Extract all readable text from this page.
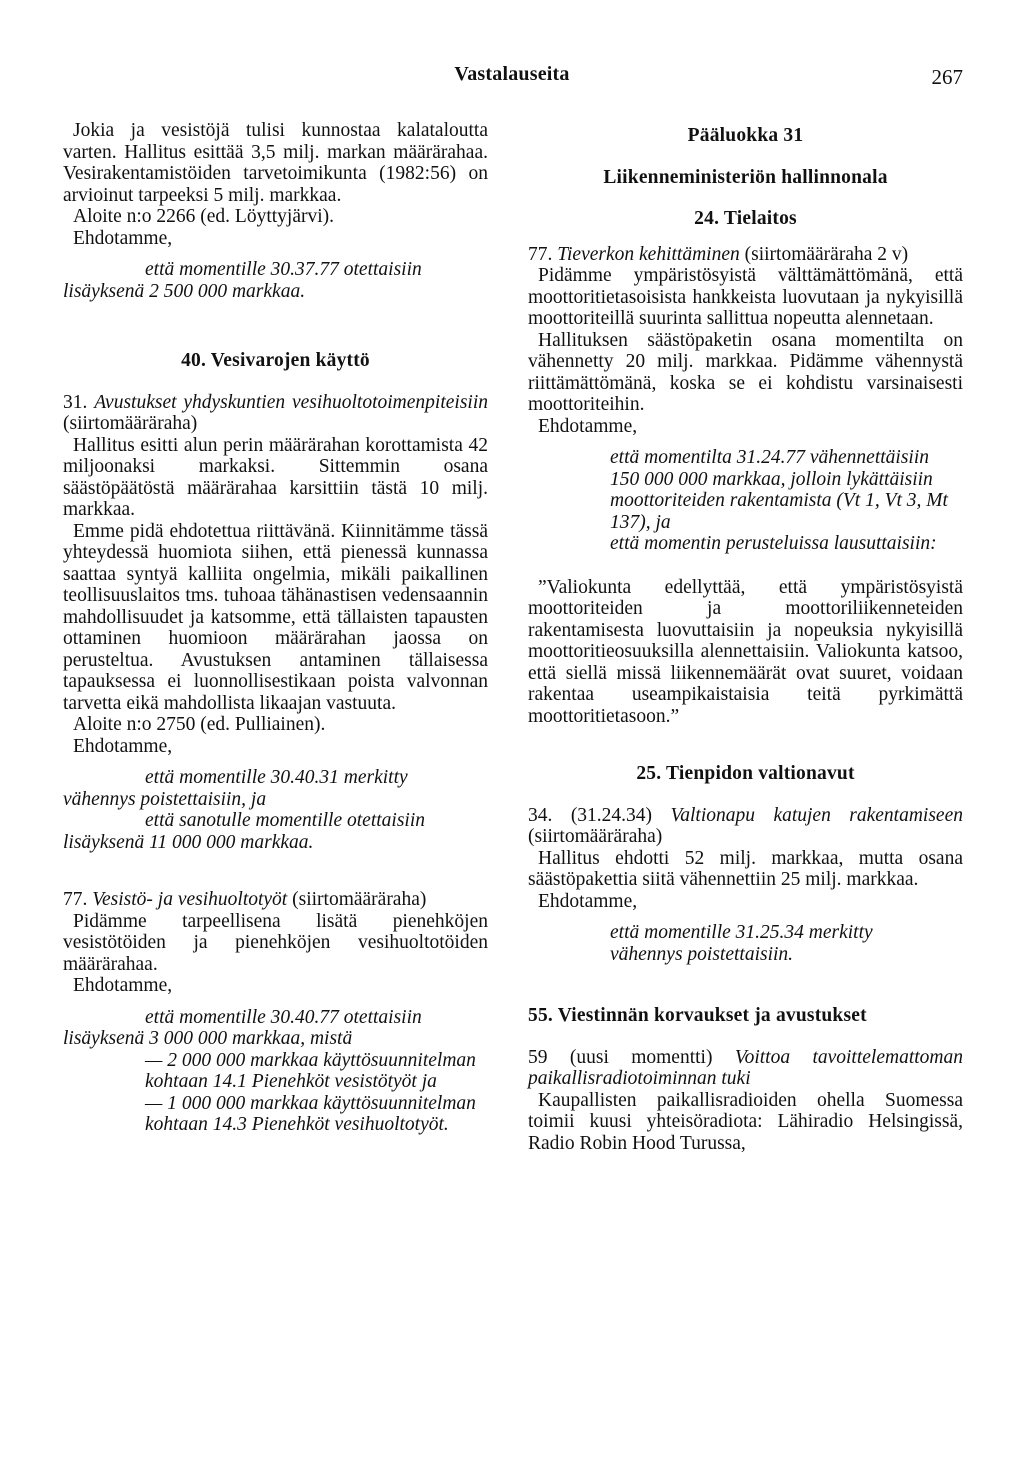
Vastalauseita	267

Jokia ja vesistöjä tulisi kunnostaa kalataloutta varten. Hallitus esittää 3,5 milj. markan määrärahaa. Vesirakentamistöiden tarvetoimikunta (1982:56) on arvioinut tarpeeksi 5 milj. markkaa.

Aloite n:o 2266 (ed. Löyttyjärvi).

Ehdotamme,

että momentille 30.37.77 otettaisiin
lisäyksenä 2 500 000 markkaa.
40. Vesivarojen käyttö

31. Avustukset yhdyskuntien vesihuoltotoimenpiteisiin (siirtomääräraha)

Hallitus esitti alun perin määrärahan korottamista 42 miljoonaksi markaksi. Sittemmin osana säästöpäätöstä määrärahaa karsittiin tästä 10 milj. markkaa.

Emme pidä ehdotettua riittävänä. Kiinnitämme tässä yhteydessä huomiota siihen, että pienessä kunnassa saattaa syntyä kalliita ongelmia, mikäli paikallinen teollisuuslaitos tms. tuhoaa tähänastisen vedensaannin mahdollisuudet ja katsomme, että tällaisten tapausten ottaminen huomioon määrärahan jaossa on perusteltua. Avustuksen antaminen tällaisessa tapauksessa ei luonnollisestikaan poista valvonnan tarvetta eikä mahdollista likaajan vastuuta.

Aloite n:o 2750 (ed. Pulliainen).

Ehdotamme,

että momentille 30.40.31 merkitty
vähennys poistettaisiin, ja
että sanotulle momentille otettaisiin
lisäyksenä 11 000 000 markkaa.

77. Vesistö- ja vesihuoltotyöt (siirtomääräraha)

Pidämme tarpeellisena lisätä pienehköjen vesistötöiden ja pienehköjen vesihuoltotöiden määrärahaa.

Ehdotamme,

että momentille 30.40.77 otettaisiin
lisäyksenä 3 000 000 markkaa, mistä
— 2 000 000 markkaa käyttösuunnitelman kohtaan 14.1 Pienehköt vesistötyöt ja
— 1 000 000 markkaa käyttösuunnitelman kohtaan 14.3 Pienehköt vesihuoltotyöt.
Pääluokka 31
Liikenneministeriön hallinnonala
24. Tielaitos

77. Tieverkon kehittäminen (siirtomääräraha 2 v)

Pidämme ympäristösyistä välttämättömänä, että moottoritietasoisista hankkeista luovutaan ja nykyisillä moottoriteillä suurinta sallittua nopeutta alennetaan.

Hallituksen säästöpaketin osana momentilta on vähennetty 20 milj. markkaa. Pidämme vähennystä riittämättömänä, koska se ei kohdistu varsinaisesti moottoriteihin.

Ehdotamme,

että momentilta 31.24.77 vähennettäisiin 150 000 000 markkaa, jolloin lykättäisiin moottoriteiden rakentamista (Vt 1, Vt 3, Mt 137), ja
että momentin perusteluissa lausuttaisiin:

”Valiokunta edellyttää, että ympäristösyistä moottoriteiden ja moottoriliikenneteiden rakentamisesta luovuttaisiin ja nopeuksia nykyisillä moottoritieosuuksilla alennettaisiin. Valiokunta katsoo, että siellä missä liikennemäärät ovat suuret, voidaan rakentaa useampikaistaisia teitä pyrkimättä moottoritietasoon.”

25. Tienpidon valtionavut

34. (31.24.34) Valtionapu katujen rakentamiseen (siirtomääräraha)

Hallitus ehdotti 52 milj. markkaa, mutta osana säästöpakettia siitä vähennettiin 25 milj. markkaa.

Ehdotamme,

että momentille 31.25.34 merkitty
vähennys poistettaisiin.
55. Viestinnän korvaukset ja avustukset

59 (uusi momentti) Voittoa tavoittelemattoman paikallisradiotoiminnan tuki

Kaupallisten paikallisradioiden ohella Suomessa toimii kuusi yhteisöradiota: Lähiradio Helsingissä, Radio Robin Hood Turussa,
